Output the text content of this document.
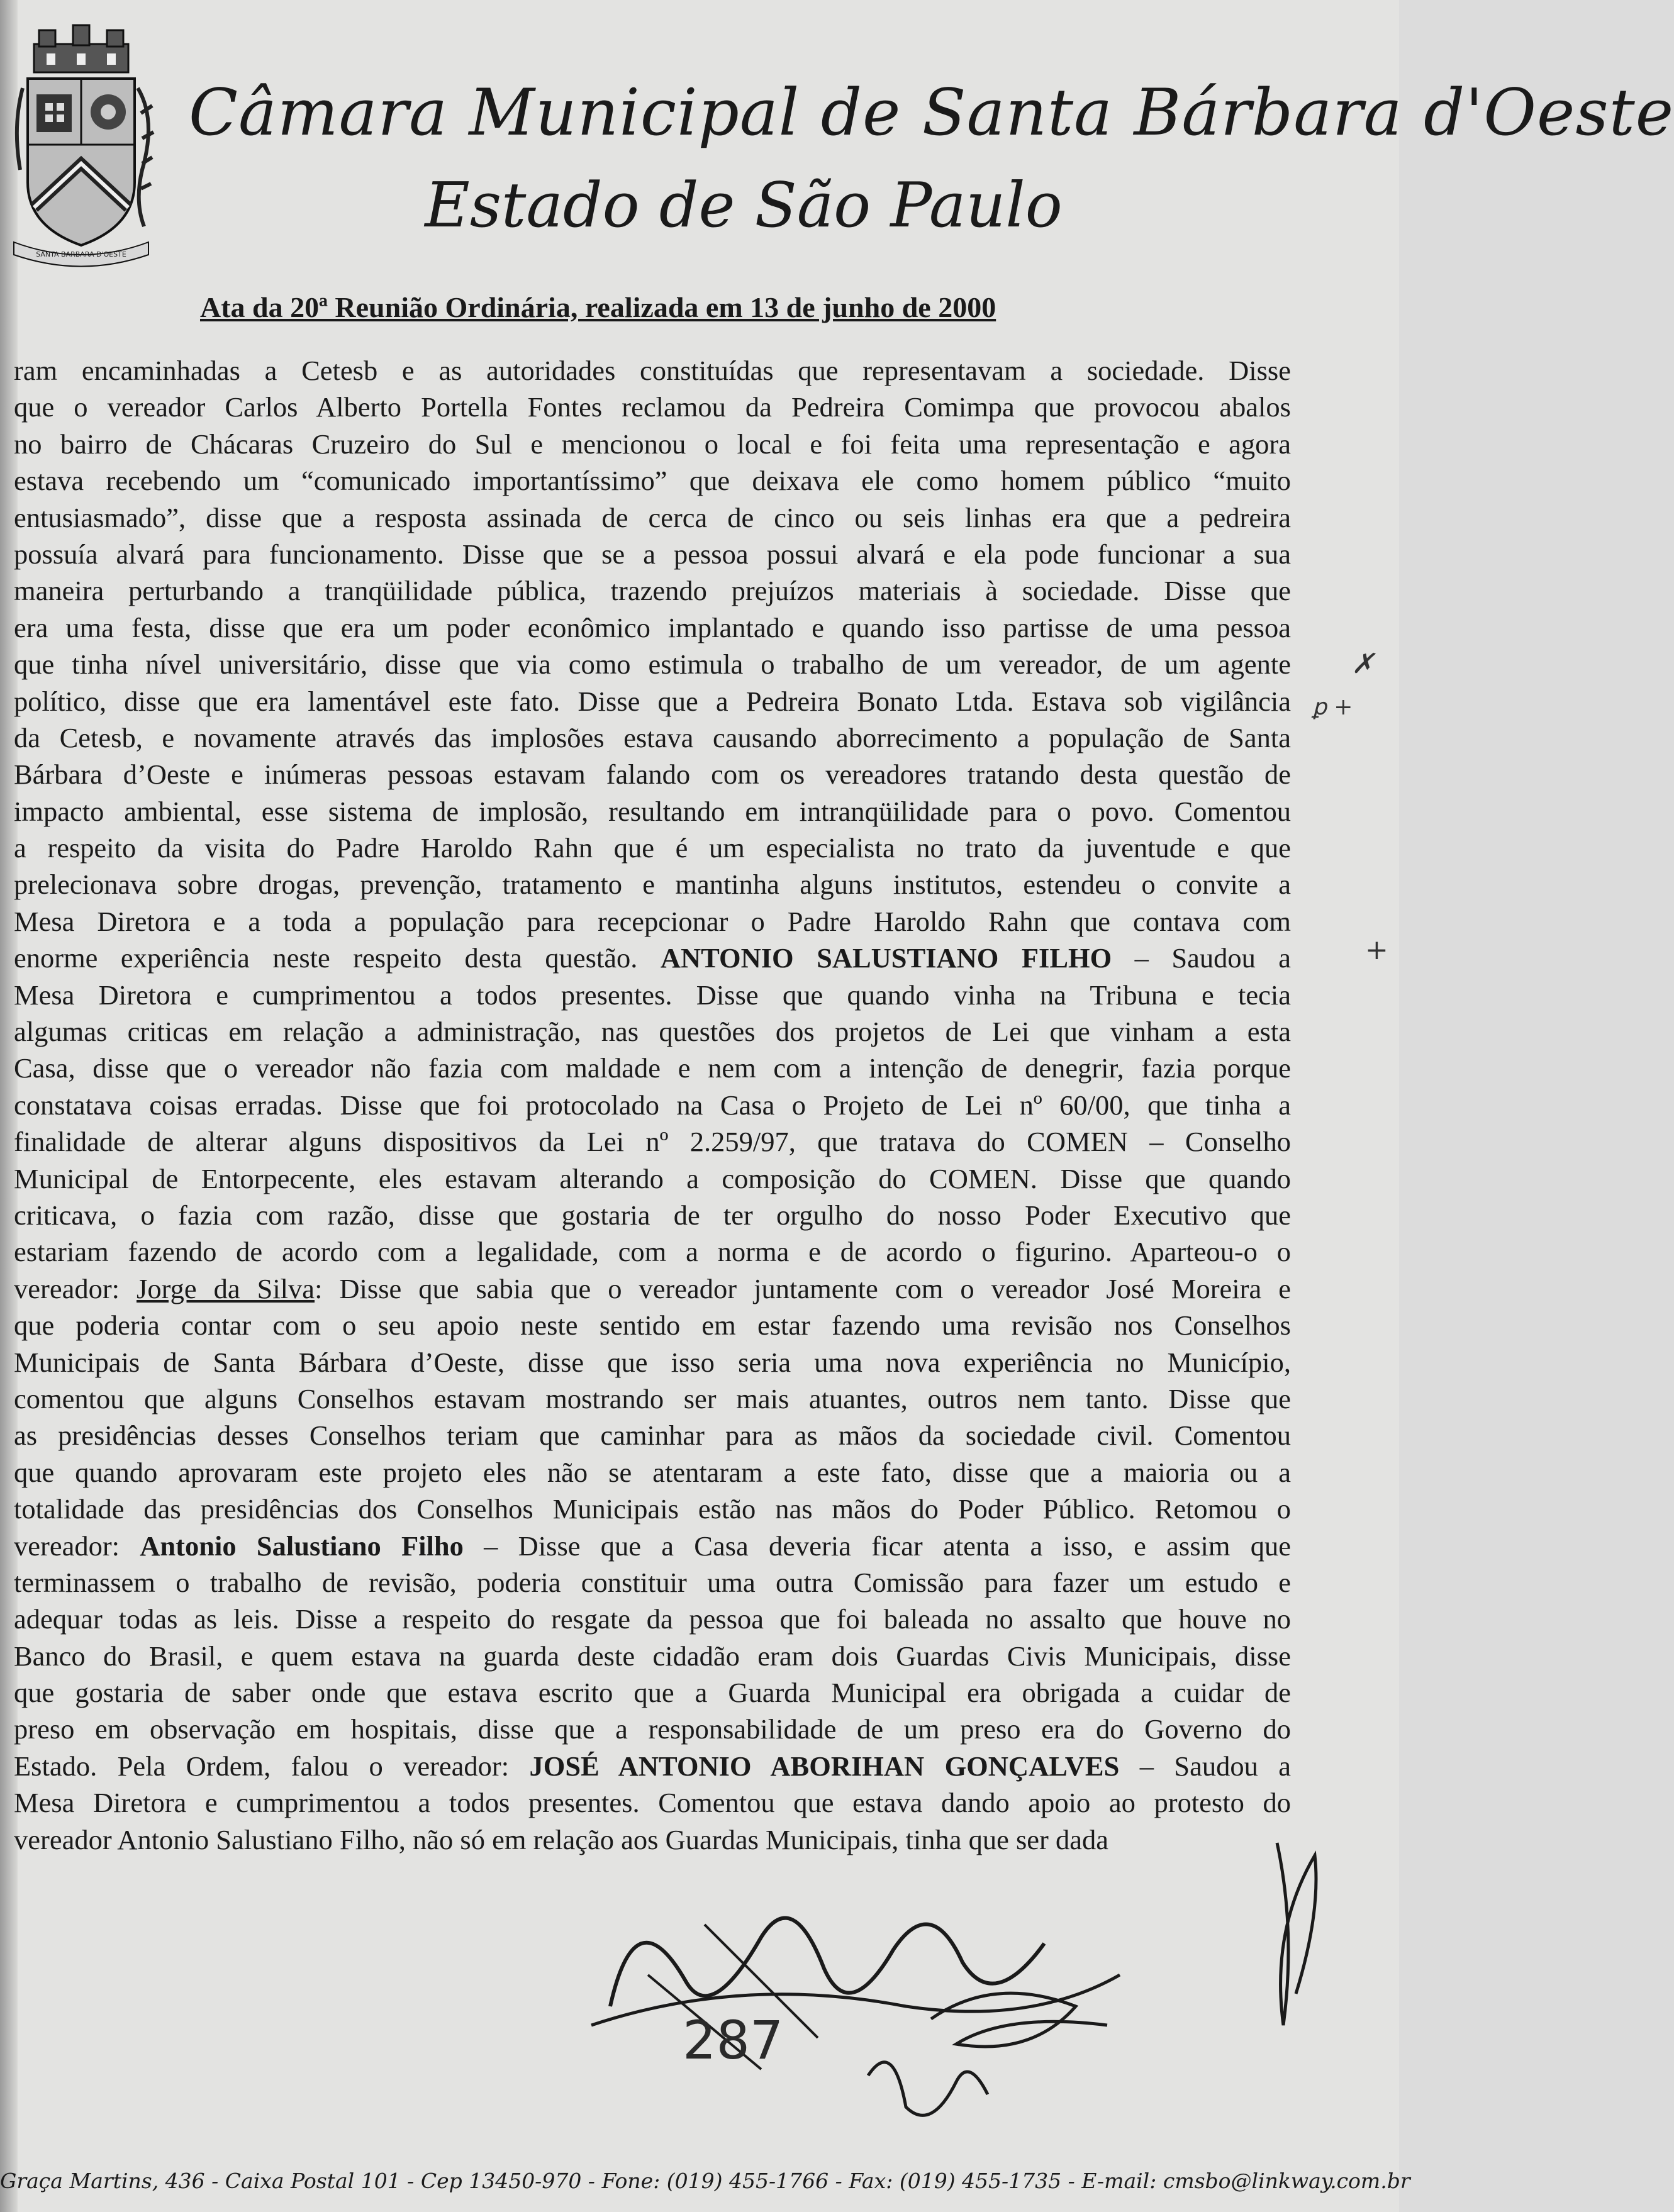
SANTA BARBARA D'OESTE
Câmara Municipal de Santa Bárbara d'Oeste
Estado de São Paulo
Ata da 20ª Reunião Ordinária, realizada em 13 de junho de 2000
ram encaminhadas a Cetesb e as autoridades constituídas que representavam a sociedade. Disse
que o vereador Carlos Alberto Portella Fontes reclamou da Pedreira Comimpa que provocou abalos
no bairro de Chácaras Cruzeiro do Sul e mencionou o local e foi feita uma representação e agora
estava recebendo um “comunicado importantíssimo” que deixava ele como homem público “muito
entusiasmado”, disse que a resposta assinada de cerca de cinco ou seis linhas era que a pedreira
possuía alvará para funcionamento. Disse que se a pessoa possui alvará e ela pode funcionar a sua
maneira perturbando a tranqüilidade pública, trazendo prejuízos materiais à sociedade. Disse que
era uma festa, disse que era um poder econômico implantado e quando isso partisse de uma pessoa
que tinha nível universitário, disse que via como estimula o trabalho de um vereador, de um agente
político, disse que era lamentável este fato. Disse que a Pedreira Bonato Ltda. Estava sob vigilância
da Cetesb, e novamente através das implosões estava causando aborrecimento a população de Santa
Bárbara d’Oeste e inúmeras pessoas estavam falando com os vereadores tratando desta questão de
impacto ambiental, esse sistema de implosão, resultando em intranqüilidade para o povo. Comentou
a respeito da visita do Padre Haroldo Rahn que é um especialista no trato da juventude e que
prelecionava sobre drogas, prevenção, tratamento e mantinha alguns institutos, estendeu o convite a
Mesa Diretora e a toda a população para recepcionar o Padre Haroldo Rahn que contava com
enorme experiência neste respeito desta questão. ANTONIO SALUSTIANO FILHO – Saudou a
Mesa Diretora e cumprimentou a todos presentes. Disse que quando vinha na Tribuna e tecia
algumas criticas em relação a administração, nas questões dos projetos de Lei que vinham a esta
Casa, disse que o vereador não fazia com maldade e nem com a intenção de denegrir, fazia porque
constatava coisas erradas. Disse que foi protocolado na Casa o Projeto de Lei nº 60/00, que tinha a
finalidade de alterar alguns dispositivos da Lei nº 2.259/97, que tratava do COMEN – Conselho
Municipal de Entorpecente, eles estavam alterando a composição do COMEN. Disse que quando
criticava, o fazia com razão, disse que gostaria de ter orgulho do nosso Poder Executivo que
estariam fazendo de acordo com a legalidade, com a norma e de acordo o figurino. Aparteou-o o
vereador: Jorge da Silva: Disse que sabia que o vereador juntamente com o vereador José Moreira e
que poderia contar com o seu apoio neste sentido em estar fazendo uma revisão nos Conselhos
Municipais de Santa Bárbara d’Oeste, disse que isso seria uma nova experiência no Município,
comentou que alguns Conselhos estavam mostrando ser mais atuantes, outros nem tanto. Disse que
as presidências desses Conselhos teriam que caminhar para as mãos da sociedade civil. Comentou
que quando aprovaram este projeto eles não se atentaram a este fato, disse que a maioria ou a
totalidade das presidências dos Conselhos Municipais estão nas mãos do Poder Público. Retomou o
vereador: Antonio Salustiano Filho – Disse que a Casa deveria ficar atenta a isso, e assim que
terminassem o trabalho de revisão, poderia constituir uma outra Comissão para fazer um estudo e
adequar todas as leis. Disse a respeito do resgate da pessoa que foi baleada no assalto que houve no
Banco do Brasil, e quem estava na guarda deste cidadão eram dois Guardas Civis Municipais, disse
que gostaria de saber onde que estava escrito que a Guarda Municipal era obrigada a cuidar de
preso em observação em hospitais, disse que a responsabilidade de um preso era do Governo do
Estado. Pela Ordem, falou o vereador: JOSÉ ANTONIO ABORIHAN GONÇALVES – Saudou a
Mesa Diretora e cumprimentou a todos presentes. Comentou que estava dando apoio ao protesto do
vereador Antonio Salustiano Filho, não só em relação aos Guardas Municipais, tinha que ser dada
✗
ꝑ +
+
287
Graça Martins, 436 - Caixa Postal 101 - Cep 13450-970 - Fone: (019) 455-1766 - Fax: (019) 455-1735 - E-mail: cmsbo@linkway.com.br
